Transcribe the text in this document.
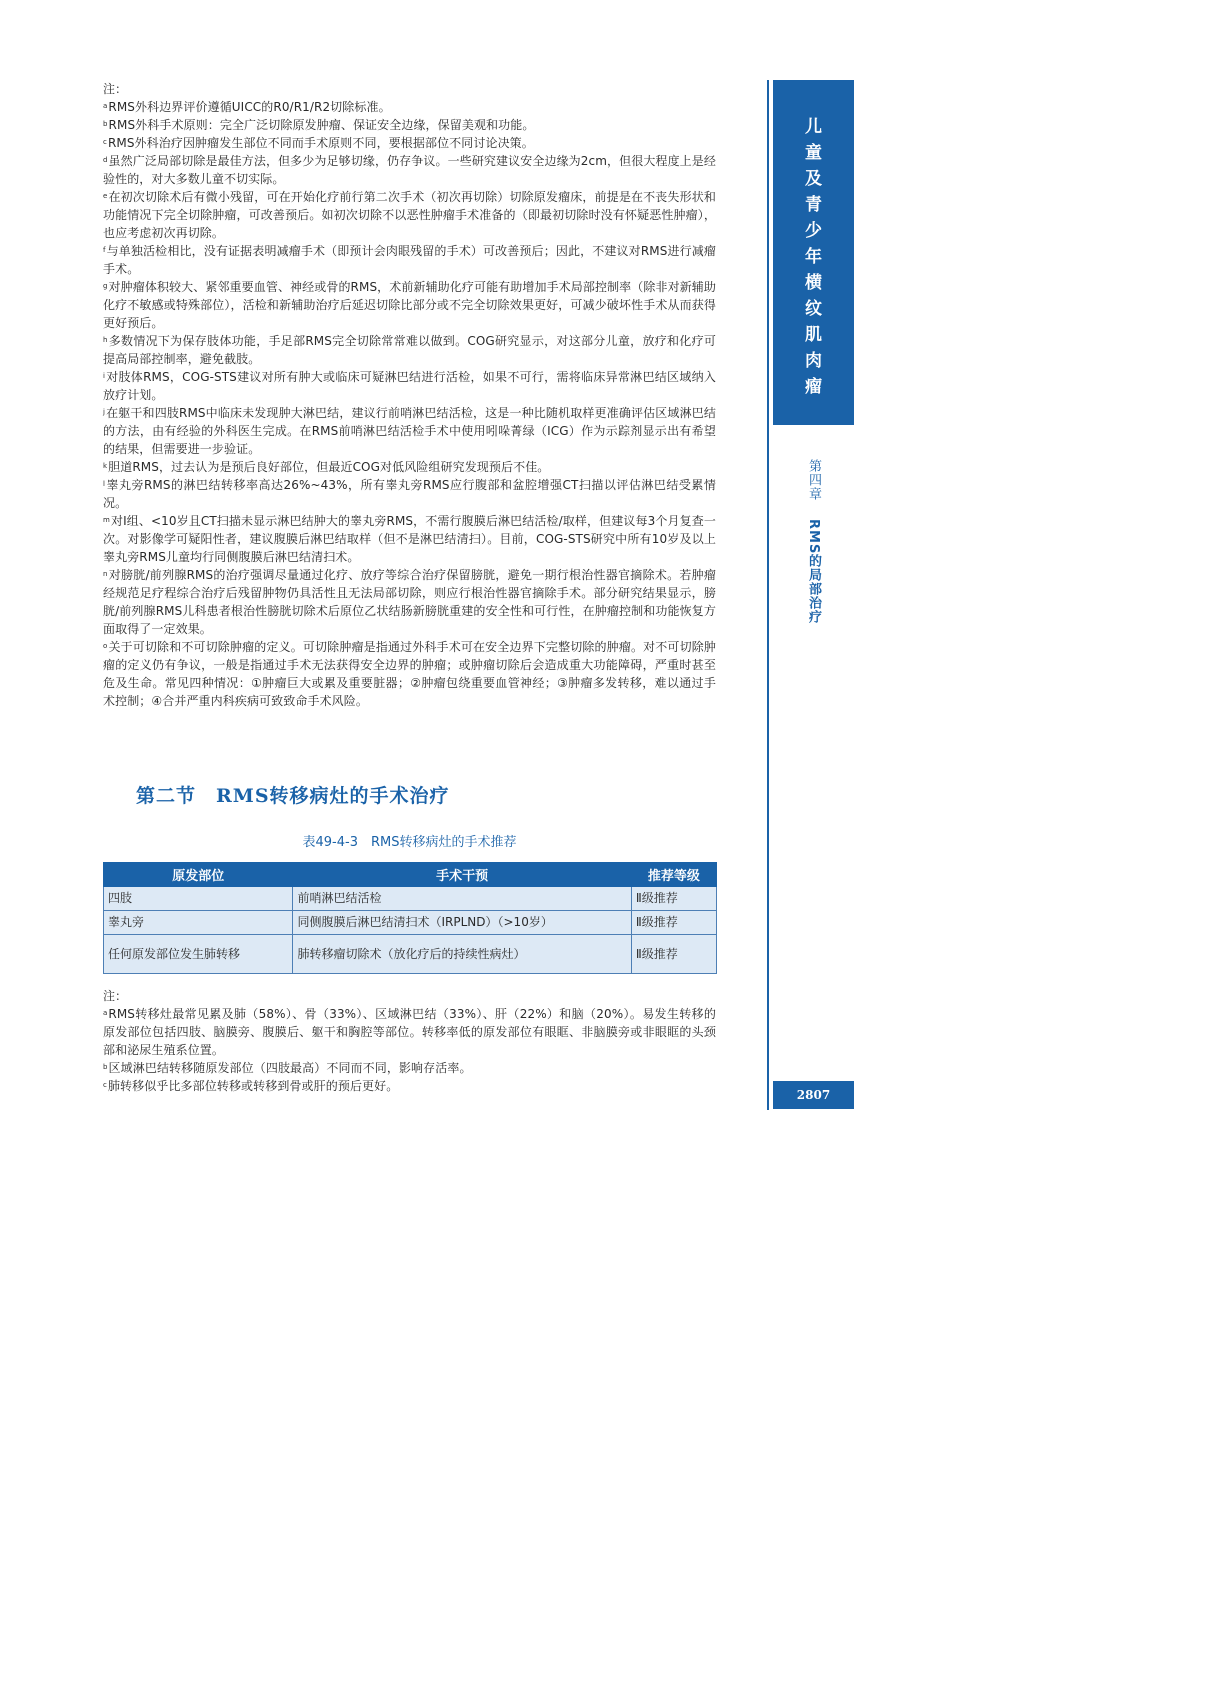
注：

$^a$RMS外科边界评价遵循UICC的R0/R1/R2切除标准。

$^b$RMS外科手术原则：完全广泛切除原发肿瘤、保证安全边缘，保留美观和功能。

$^c$RMS外科治疗因肿瘤发生部位不同而手术原则不同，要根据部位不同讨论决策。

$^d$虽然广泛局部切除是最佳方法，但多少为足够切缘，仍存争议。一些研究建议安全边缘为2cm，但很大程度上是经验性的，对大多数儿童不切实际。

$^e$在初次切除术后有微小残留，可在开始化疗前行第二次手术（初次再切除）切除原发瘤床，前提是在不丧失形状和功能情况下完全切除肿瘤，可改善预后。如初次切除不以恶性肿瘤手术准备的（即最初切除时没有怀疑恶性肿瘤），也应考虑初次再切除。

$^f$与单独活检相比，没有证据表明减瘤手术（即预计会肉眼残留的手术）可改善预后；因此，不建议对RMS进行减瘤手术。

$^g$对肿瘤体积较大、紧邻重要血管、神经或骨的RMS，术前新辅助化疗可能有助增加手术局部控制率（除非对新辅助化疗不敏感或特殊部位），活检和新辅助治疗后延迟切除比部分或不完全切除效果更好，可减少破坏性手术从而获得更好预后。

$^h$多数情况下为保存肢体功能，手足部RMS完全切除常常难以做到。COG研究显示，对这部分儿童，放疗和化疗可提高局部控制率，避免截肢。

$^i$对肢体RMS，COG-STS建议对所有肿大或临床可疑淋巴结进行活检，如果不可行，需将临床异常淋巴结区域纳入放疗计划。

$^j$在躯干和四肢RMS中临床未发现肿大淋巴结，建议行前哨淋巴结活检，这是一种比随机取样更准确评估区域淋巴结的方法，由有经验的外科医生完成。在RMS前哨淋巴结活检手术中使用吲哚菁绿（ICG）作为示踪剂显示出有希望的结果，但需要进一步验证。

$^k$胆道RMS，过去认为是预后良好部位，但最近COG对低风险组研究发现预后不佳。

$^l$睾丸旁RMS的淋巴结转移率高达26%~43%，所有睾丸旁RMS应行腹部和盆腔增强CT扫描以评估淋巴结受累情况。

$^m$对I组、<10岁且CT扫描未显示淋巴结肿大的睾丸旁RMS，不需行腹膜后淋巴结活检/取样，但建议每3个月复查一次。对影像学可疑阳性者，建议腹膜后淋巴结取样（但不是淋巴结清扫）。目前，COG-STS研究中所有10岁及以上睾丸旁RMS儿童均行同侧腹膜后淋巴结清扫术。

$^n$对膀胱/前列腺RMS的治疗强调尽量通过化疗、放疗等综合治疗保留膀胱，避免一期行根治性器官摘除术。若肿瘤经规范足疗程综合治疗后残留肿物仍具活性且无法局部切除，则应行根治性器官摘除手术。部分研究结果显示，膀胱/前列腺RMS儿科患者根治性膀胱切除术后原位乙状结肠新膀胱重建的安全性和可行性，在肿瘤控制和功能恢复方面取得了一定效果。

$^o$关于可切除和不可切除肿瘤的定义。可切除肿瘤是指通过外科手术可在安全边界下完整切除的肿瘤。对不可切除肿瘤的定义仍有争议，一般是指通过手术无法获得安全边界的肿瘤；或肿瘤切除后会造成重大功能障碍，严重时甚至危及生命。常见四种情况：①肿瘤巨大或累及重要脏器；②肿瘤包绕重要血管神经；③肿瘤多发转移，难以通过手术控制；④合并严重内科疾病可致致命手术风险。

第二节　RMS转移病灶的手术治疗

表49-4-3　RMS转移病灶的手术推荐

原发部位	手术干预	推荐等级
四肢	前哨淋巴结活检	Ⅱ级推荐
睾丸旁	同侧腹膜后淋巴结清扫术（IRPLND）（>10岁）	Ⅱ级推荐
任何原发部位发生肺转移	肺转移瘤切除术（放化疗后的持续性病灶）	Ⅱ级推荐

注：

$^a$RMS转移灶最常见累及肺（58%）、骨（33%）、区域淋巴结（33%）、肝（22%）和脑（20%）。易发生转移的原发部位包括四肢、脑膜旁、腹膜后、躯干和胸腔等部位。转移率低的原发部位有眼眶、非脑膜旁或非眼眶的头颈部和泌尿生殖系位置。

$^b$区域淋巴结转移随原发部位（四肢最高）不同而不同，影响存活率。

$^c$肺转移似乎比多部位转移或转移到骨或肝的预后更好。

儿
童
及
青
少
年
横
纹
肌
肉
瘤
第四章RMS的局部治疗
2807
